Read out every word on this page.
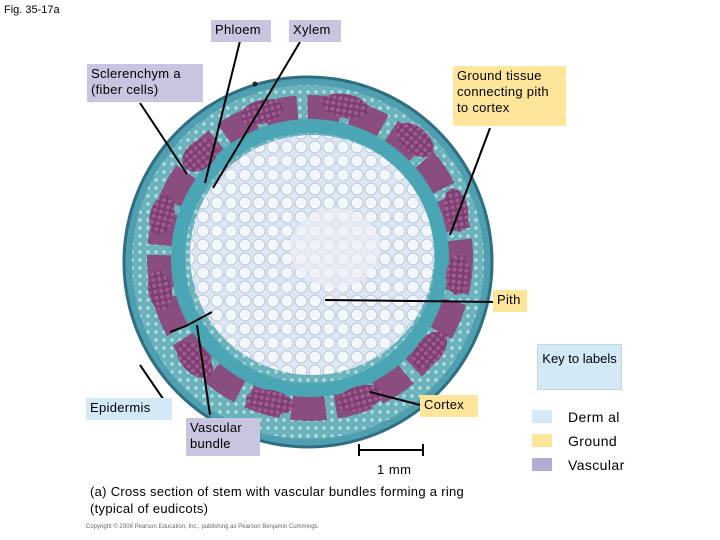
Fig. 35-17a
Phloem	Xylem
Sclerenchym a (fiber cells)
Ground tissue connecting pith to cortex
Pith
Epidermis	Cortex
Vascular bundle
Key to labels
Derm al
Ground
Vascular
1 mm
(a) Cross section of stem with vascular bundles forming a ring (typical of eudicots)
Copyright © 2008 Pearson Education, Inc., publishing as Pearson Benjamin Cummings.
